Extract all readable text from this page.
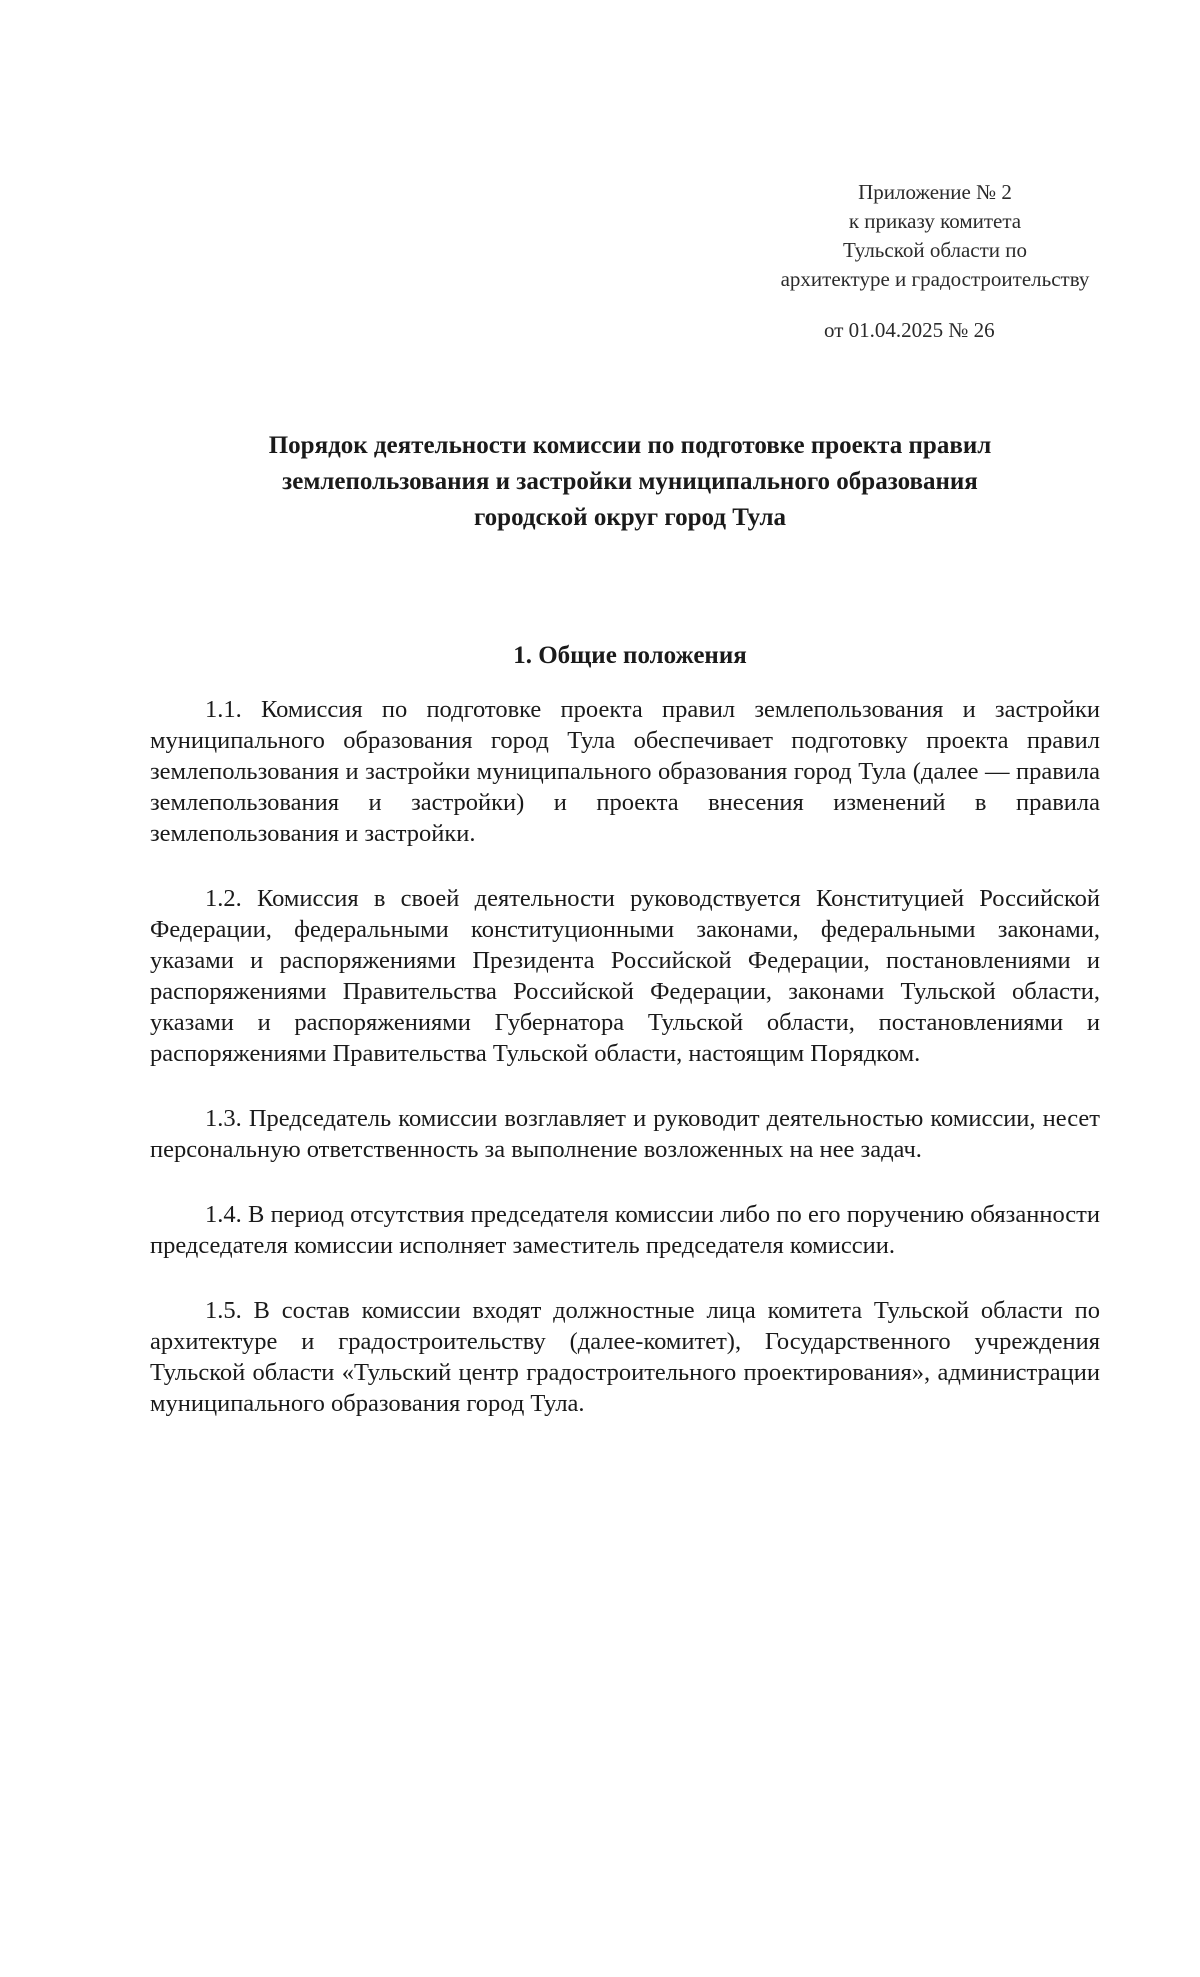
Приложение № 2
к приказу комитета
Тульской области по
архитектуре и градостроительству
от 01.04.2025 № 26
Порядок деятельности комиссии по подготовке проекта правил
землепользования и застройки муниципального образования
городской округ город Тула
1. Общие положения

1.1. Комиссия по подготовке проекта правил землепользования и застройки муниципального образования город Тула обеспечивает подготовку проекта правил землепользования и застройки муниципального образования город Тула (далее — правила землепользования и застройки) и проекта внесения изменений в правила землепользования и застройки.

1.2. Комиссия в своей деятельности руководствуется Конституцией Российской Федерации, федеральными конституционными законами, федеральными законами, указами и распоряжениями Президента Российской Федерации, постановлениями и распоряжениями Правительства Российской Федерации, законами Тульской области, указами и распоряжениями Губернатора Тульской области, постановлениями и распоряжениями Правительства Тульской области, настоящим Порядком.

1.3. Председатель комиссии возглавляет и руководит деятельностью комиссии, несет персональную ответственность за выполнение возложенных на нее задач.

1.4. В период отсутствия председателя комиссии либо по его поручению обязанности председателя комиссии исполняет заместитель председателя комиссии.

1.5. В состав комиссии входят должностные лица комитета Тульской области по архитектуре и градостроительству (далее-комитет), Государственного учреждения Тульской области «Тульский центр градостроительного проектирования», администрации муниципального образования город Тула.
